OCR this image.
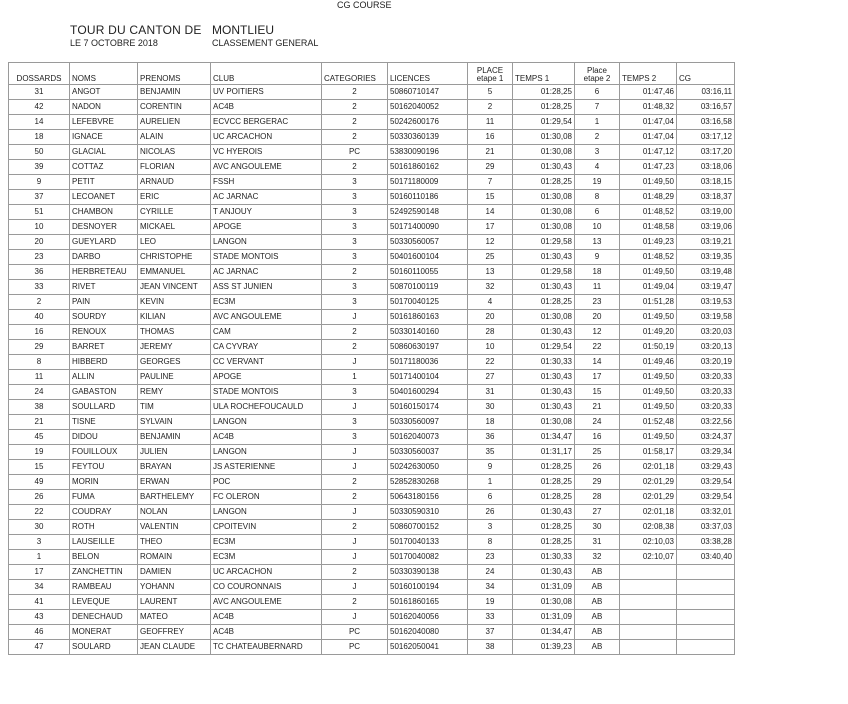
CG COURSE
TOUR DU CANTON DE MONTLIEU
LE 7 OCTOBRE 2018	CLASSEMENT GENERAL
DOSSARDS	NOMS	PRENOMS	CLUB	CATEGORIES	LICENCES	PLACE etape 1	TEMPS 1	Place etape 2	TEMPS 2	CG
31	ANGOT	BENJAMIN	UV POITIERS	2	50860710147	5	01:28,25	6	01:47,46	03:16,11
42	NADON	CORENTIN	AC4B	2	50162040052	2	01:28,25	7	01:48,32	03:16,57
14	LEFEBVRE	AURELIEN	ECVCC BERGERAC	2	50242600176	11	01:29,54	1	01:47,04	03:16,58
18	IGNACE	ALAIN	UC ARCACHON	2	50330360139	16	01:30,08	2	01:47,04	03:17,12
50	GLACIAL	NICOLAS	VC HYEROIS	PC	53830090196	21	01:30,08	3	01:47,12	03:17,20
39	COTTAZ	FLORIAN	AVC ANGOULEME	2	50161860162	29	01:30,43	4	01:47,23	03:18,06
9	PETIT	ARNAUD	FSSH	3	50171180009	7	01:28,25	19	01:49,50	03:18,15
37	LECOANET	ERIC	AC JARNAC	3	50160110186	15	01:30,08	8	01:48,29	03:18,37
51	CHAMBON	CYRILLE	T ANJOUY	3	52492590148	14	01:30,08	6	01:48,52	03:19,00
10	DESNOYER	MICKAEL	APOGE	3	50171400090	17	01:30,08	10	01:48,58	03:19,06
20	GUEYLARD	LEO	LANGON	3	50330560057	12	01:29,58	13	01:49,23	03:19,21
23	DARBO	CHRISTOPHE	STADE MONTOIS	3	50401600104	25	01:30,43	9	01:48,52	03:19,35
36	HERBRETEAU	EMMANUEL	AC JARNAC	2	50160110055	13	01:29,58	18	01:49,50	03:19,48
33	RIVET	JEAN VINCENT	ASS ST JUNIEN	3	50870100119	32	01:30,43	11	01:49,04	03:19,47
2	PAIN	KEVIN	EC3M	3	50170040125	4	01:28,25	23	01:51,28	03:19,53
40	SOURDY	KILIAN	AVC ANGOULEME	J	50161860163	20	01:30,08	20	01:49,50	03:19,58
16	RENOUX	THOMAS	CAM	2	50330140160	28	01:30,43	12	01:49,20	03:20,03
29	BARRET	JEREMY	CA CYVRAY	2	50860630197	10	01:29,54	22	01:50,19	03:20,13
8	HIBBERD	GEORGES	CC VERVANT	J	50171180036	22	01:30,33	14	01:49,46	03:20,19
11	ALLIN	PAULINE	APOGE	1	50171400104	27	01:30,43	17	01:49,50	03:20,33
24	GABASTON	REMY	STADE MONTOIS	3	50401600294	31	01:30,43	15	01:49,50	03:20,33
38	SOULLARD	TIM	ULA ROCHEFOUCAULD	J	50160150174	30	01:30,43	21	01:49,50	03:20,33
21	TISNE	SYLVAIN	LANGON	3	50330560097	18	01:30,08	24	01:52,48	03:22,56
45	DIDOU	BENJAMIN	AC4B	3	50162040073	36	01:34,47	16	01:49,50	03:24,37
19	FOUILLOUX	JULIEN	LANGON	J	50330560037	35	01:31,17	25	01:58,17	03:29,34
15	FEYTOU	BRAYAN	JS ASTERIENNE	J	50242630050	9	01:28,25	26	02:01,18	03:29,43
49	MORIN	ERWAN	POC	2	52852830268	1	01:28,25	29	02:01,29	03:29,54
26	FUMA	BARTHELEMY	FC OLERON	2	50643180156	6	01:28,25	28	02:01,29	03:29,54
22	COUDRAY	NOLAN	LANGON	J	50330590310	26	01:30,43	27	02:01,18	03:32,01
30	ROTH	VALENTIN	CPOITEVIN	2	50860700152	3	01:28,25	30	02:08,38	03:37,03
3	LAUSEILLE	THEO	EC3M	J	50170040133	8	01:28,25	31	02:10,03	03:38,28
1	BELON	ROMAIN	EC3M	J	50170040082	23	01:30,33	32	02:10,07	03:40,40
17	ZANCHETTIN	DAMIEN	UC ARCACHON	2	50330390138	24	01:30,43	AB		
34	RAMBEAU	YOHANN	CO COURONNAIS	J	50160100194	34	01:31,09	AB		
41	LEVEQUE	LAURENT	AVC ANGOULEME	2	50161860165	19	01:30,08	AB		
43	DENECHAUD	MATEO	AC4B	J	50162040056	33	01:31,09	AB		
46	MONERAT	GEOFFREY	AC4B	PC	50162040080	37	01:34,47	AB		
47	SOULARD	JEAN CLAUDE	TC CHATEAUBERNARD	PC	50162050041	38	01:39,23	AB		
